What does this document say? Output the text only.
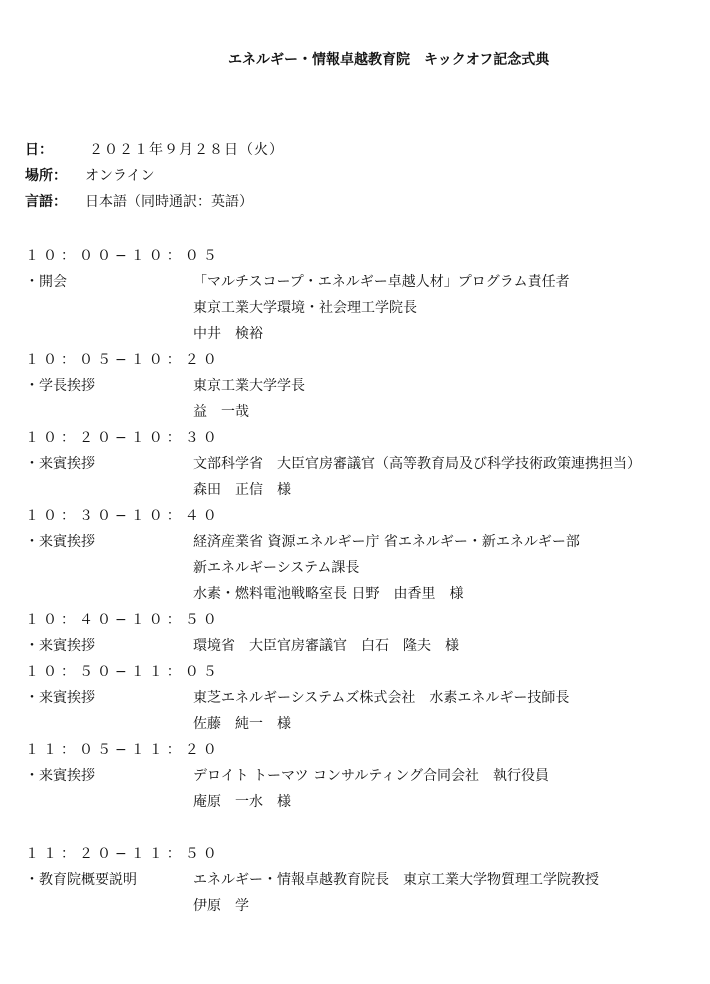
エネルギー・情報卓越教育院　キックオフ記念式典
日：	２０２１年９月２８日（火）
場所： オンライン
言語： 日本語（同時通訳：英語）
１０：００−１０：０５
・開会	「マルチスコープ・エネルギー卓越人材」プログラム責任者
東京工業大学環境・社会理工学院長
中井　検裕
１０：０５−１０：２０
・学長挨拶	東京工業大学学長
益　一哉
１０：２０−１０：３０
・来賓挨拶	文部科学省　大臣官房審議官（高等教育局及び科学技術政策連携担当）
森田　正信　様
１０：３０−１０：４０
・来賓挨拶	経済産業省 資源エネルギー庁 省エネルギー・新エネルギー部
新エネルギーシステム課長
水素・燃料電池戦略室長 日野　由香里　様
１０：４０−１０：５０
・来賓挨拶	環境省　大臣官房審議官　白石　隆夫　様
１０：５０−１１：０５
・来賓挨拶	東芝エネルギーシステムズ株式会社　水素エネルギー技師長
佐藤　純一　様
１１：０５−１１：２０
・来賓挨拶	デロイト トーマツ コンサルティング合同会社　執行役員
庵原　一水　様
１１：２０−１１：５０
・教育院概要説明	エネルギー・情報卓越教育院長　東京工業大学物質理工学院教授
伊原　学
